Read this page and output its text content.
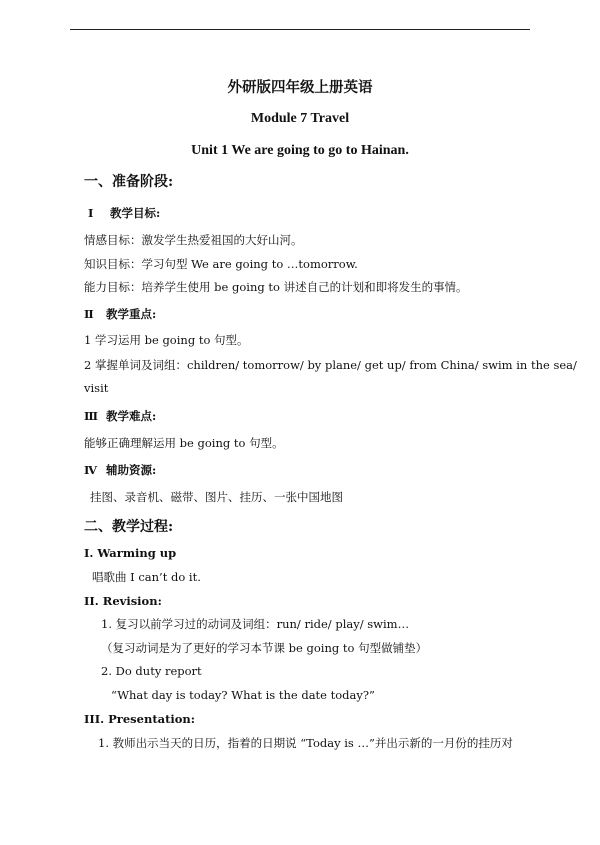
外研版四年级上册英语
Module 7 Travel
Unit 1 We are going to go to Hainan.
一、准备阶段:
Ⅰ 教学目标:
情感目标：激发学生热爱祖国的大好山河。
知识目标：学习句型 We are going to …tomorrow.
能力目标：培养学生使用 be going to 讲述自己的计划和即将发生的事情。
Ⅱ 教学重点:
1 学习运用 be going to 句型。
2 掌握单词及词组：children/ tomorrow/ by plane/ get up/ from China/ swim in the sea/
visit
Ⅲ 教学难点:
能够正确理解运用 be going to 句型。
Ⅳ 辅助资源:
挂图、录音机、磁带、图片、挂历、一张中国地图
二、教学过程:
I. Warming up
唱歌曲 I can’t do it.
II. Revision:
1. 复习以前学习过的动词及词组：run/ ride/ play/ swim…
（复习动词是为了更好的学习本节课 be going to 句型做铺垫）
2. Do duty report
“What day is today? What is the date today?”
III. Presentation:
1. 教师出示当天的日历，指着的日期说 “Today is …”并出示新的一月份的挂历对
